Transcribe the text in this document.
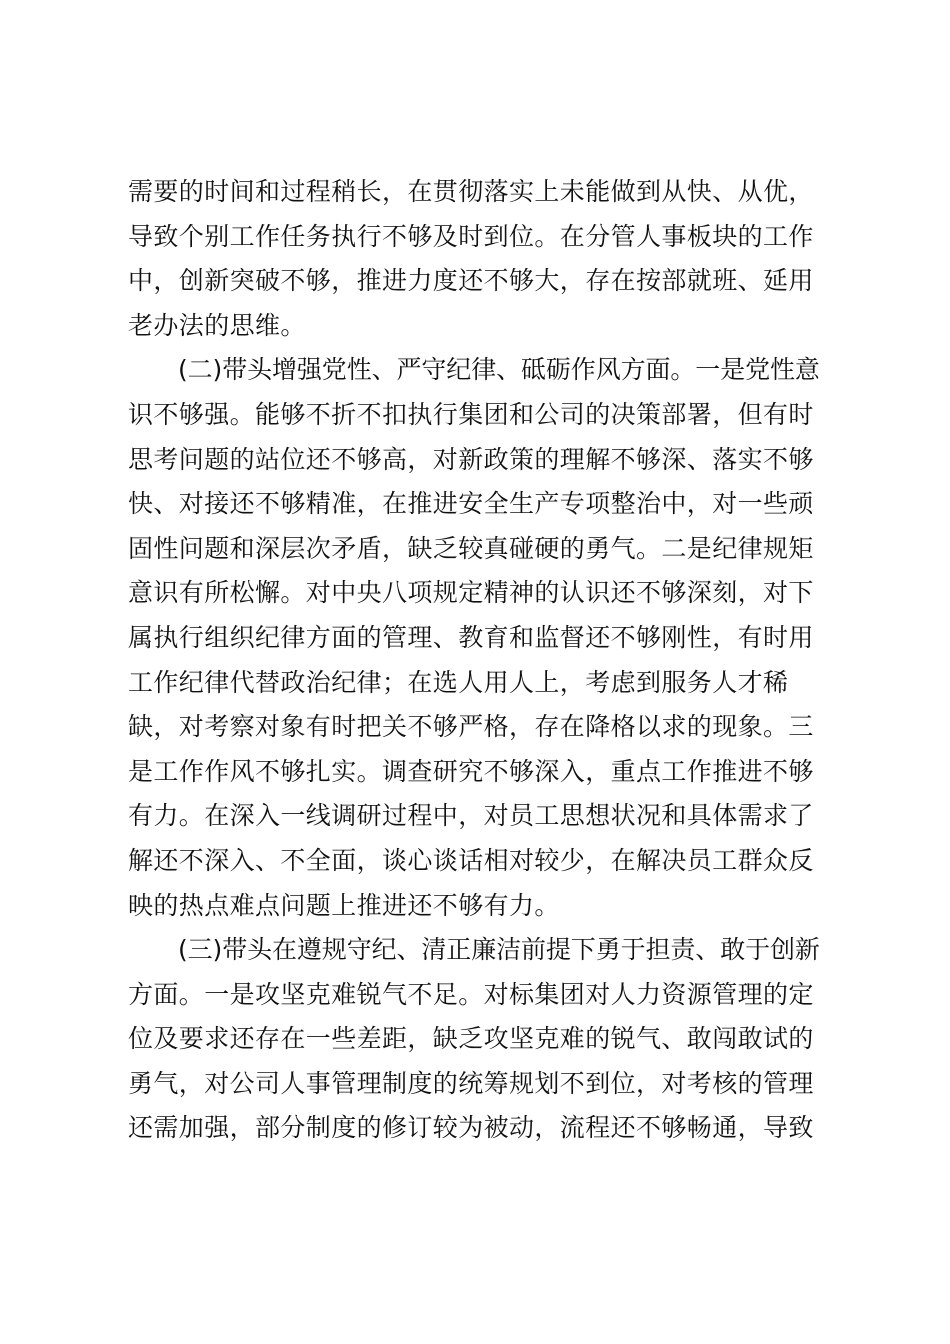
需要的时间和过程稍长，在贯彻落实上未能做到从快、从优，
导致个别工作任务执行不够及时到位。在分管人事板块的工作
中，创新突破不够，推进力度还不够大，存在按部就班、延用
老办法的思维。
(二)带头增强党性、严守纪律、砥砺作风方面。一是党性意
识不够强。能够不折不扣执行集团和公司的决策部署，但有时
思考问题的站位还不够高，对新政策的理解不够深、落实不够
快、对接还不够精准，在推进安全生产专项整治中，对一些顽
固性问题和深层次矛盾，缺乏较真碰硬的勇气。二是纪律规矩
意识有所松懈。对中央八项规定精神的认识还不够深刻，对下
属执行组织纪律方面的管理、教育和监督还不够刚性，有时用
工作纪律代替政治纪律；在选人用人上，考虑到服务人才稀
缺，对考察对象有时把关不够严格，存在降格以求的现象。三
是工作作风不够扎实。调查研究不够深入，重点工作推进不够
有力。在深入一线调研过程中，对员工思想状况和具体需求了
解还不深入、不全面，谈心谈话相对较少，在解决员工群众反
映的热点难点问题上推进还不够有力。
(三)带头在遵规守纪、清正廉洁前提下勇于担责、敢于创新
方面。一是攻坚克难锐气不足。对标集团对人力资源管理的定
位及要求还存在一些差距，缺乏攻坚克难的锐气、敢闯敢试的
勇气，对公司人事管理制度的统筹规划不到位，对考核的管理
还需加强，部分制度的修订较为被动，流程还不够畅通，导致
